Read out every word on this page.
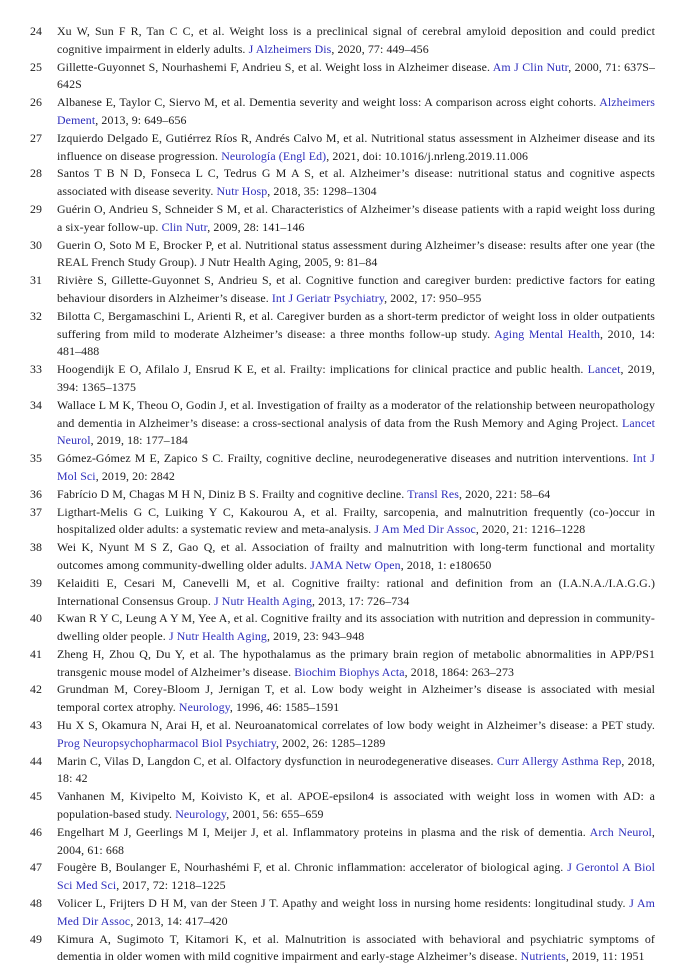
24 Xu W, Sun F R, Tan C C, et al. Weight loss is a preclinical signal of cerebral amyloid deposition and could predict cognitive impairment in elderly adults. J Alzheimers Dis, 2020, 77: 449–456
25 Gillette-Guyonnet S, Nourhashemi F, Andrieu S, et al. Weight loss in Alzheimer disease. Am J Clin Nutr, 2000, 71: 637S–642S
26 Albanese E, Taylor C, Siervo M, et al. Dementia severity and weight loss: A comparison across eight cohorts. Alzheimers Dement, 2013, 9: 649–656
27 Izquierdo Delgado E, Gutiérrez Ríos R, Andrés Calvo M, et al. Nutritional status assessment in Alzheimer disease and its influence on disease progression. Neurología (Engl Ed), 2021, doi: 10.1016/j.nrleng.2019.11.006
28 Santos T B N D, Fonseca L C, Tedrus G M A S, et al. Alzheimer’s disease: nutritional status and cognitive aspects associated with disease severity. Nutr Hosp, 2018, 35: 1298–1304
29 Guérin O, Andrieu S, Schneider S M, et al. Characteristics of Alzheimer’s disease patients with a rapid weight loss during a six-year follow-up. Clin Nutr, 2009, 28: 141–146
30 Guerin O, Soto M E, Brocker P, et al. Nutritional status assessment during Alzheimer’s disease: results after one year (the REAL French Study Group). J Nutr Health Aging, 2005, 9: 81–84
31 Rivière S, Gillette-Guyonnet S, Andrieu S, et al. Cognitive function and caregiver burden: predictive factors for eating behaviour disorders in Alzheimer’s disease. Int J Geriatr Psychiatry, 2002, 17: 950–955
32 Bilotta C, Bergamaschini L, Arienti R, et al. Caregiver burden as a short-term predictor of weight loss in older outpatients suffering from mild to moderate Alzheimer’s disease: a three months follow-up study. Aging Mental Health, 2010, 14: 481–488
33 Hoogendijk E O, Afilalo J, Ensrud K E, et al. Frailty: implications for clinical practice and public health. Lancet, 2019, 394: 1365–1375
34 Wallace L M K, Theou O, Godin J, et al. Investigation of frailty as a moderator of the relationship between neuropathology and dementia in Alzheimer’s disease: a cross-sectional analysis of data from the Rush Memory and Aging Project. Lancet Neurol, 2019, 18: 177–184
35 Gómez-Gómez M E, Zapico S C. Frailty, cognitive decline, neurodegenerative diseases and nutrition interventions. Int J Mol Sci, 2019, 20: 2842
36 Fabrício D M, Chagas M H N, Diniz B S. Frailty and cognitive decline. Transl Res, 2020, 221: 58–64
37 Ligthart-Melis G C, Luiking Y C, Kakourou A, et al. Frailty, sarcopenia, and malnutrition frequently (co-)occur in hospitalized older adults: a systematic review and meta-analysis. J Am Med Dir Assoc, 2020, 21: 1216–1228
38 Wei K, Nyunt M S Z, Gao Q, et al. Association of frailty and malnutrition with long-term functional and mortality outcomes among community-dwelling older adults. JAMA Netw Open, 2018, 1: e180650
39 Kelaiditi E, Cesari M, Canevelli M, et al. Cognitive frailty: rational and definition from an (I.A.N.A./I.A.G.G.) International Consensus Group. J Nutr Health Aging, 2013, 17: 726–734
40 Kwan R Y C, Leung A Y M, Yee A, et al. Cognitive frailty and its association with nutrition and depression in community-dwelling older people. J Nutr Health Aging, 2019, 23: 943–948
41 Zheng H, Zhou Q, Du Y, et al. The hypothalamus as the primary brain region of metabolic abnormalities in APP/PS1 transgenic mouse model of Alzheimer’s disease. Biochim Biophys Acta, 2018, 1864: 263–273
42 Grundman M, Corey-Bloom J, Jernigan T, et al. Low body weight in Alzheimer’s disease is associated with mesial temporal cortex atrophy. Neurology, 1996, 46: 1585–1591
43 Hu X S, Okamura N, Arai H, et al. Neuroanatomical correlates of low body weight in Alzheimer’s disease: a PET study. Prog Neuropsychopharmacol Biol Psychiatry, 2002, 26: 1285–1289
44 Marin C, Vilas D, Langdon C, et al. Olfactory dysfunction in neurodegenerative diseases. Curr Allergy Asthma Rep, 2018, 18: 42
45 Vanhanen M, Kivipelto M, Koivisto K, et al. APOE-epsilon4 is associated with weight loss in women with AD: a population-based study. Neurology, 2001, 56: 655–659
46 Engelhart M J, Geerlings M I, Meijer J, et al. Inflammatory proteins in plasma and the risk of dementia. Arch Neurol, 2004, 61: 668
47 Fougère B, Boulanger E, Nourhashémi F, et al. Chronic inflammation: accelerator of biological aging. J Gerontol A Biol Sci Med Sci, 2017, 72: 1218–1225
48 Volicer L, Frijters D H M, van der Steen J T. Apathy and weight loss in nursing home residents: longitudinal study. J Am Med Dir Assoc, 2013, 14: 417–420
49 Kimura A, Sugimoto T, Kitamori K, et al. Malnutrition is associated with behavioral and psychiatric symptoms of dementia in older women with mild cognitive impairment and early-stage Alzheimer’s disease. Nutrients, 2019, 11: 1951
